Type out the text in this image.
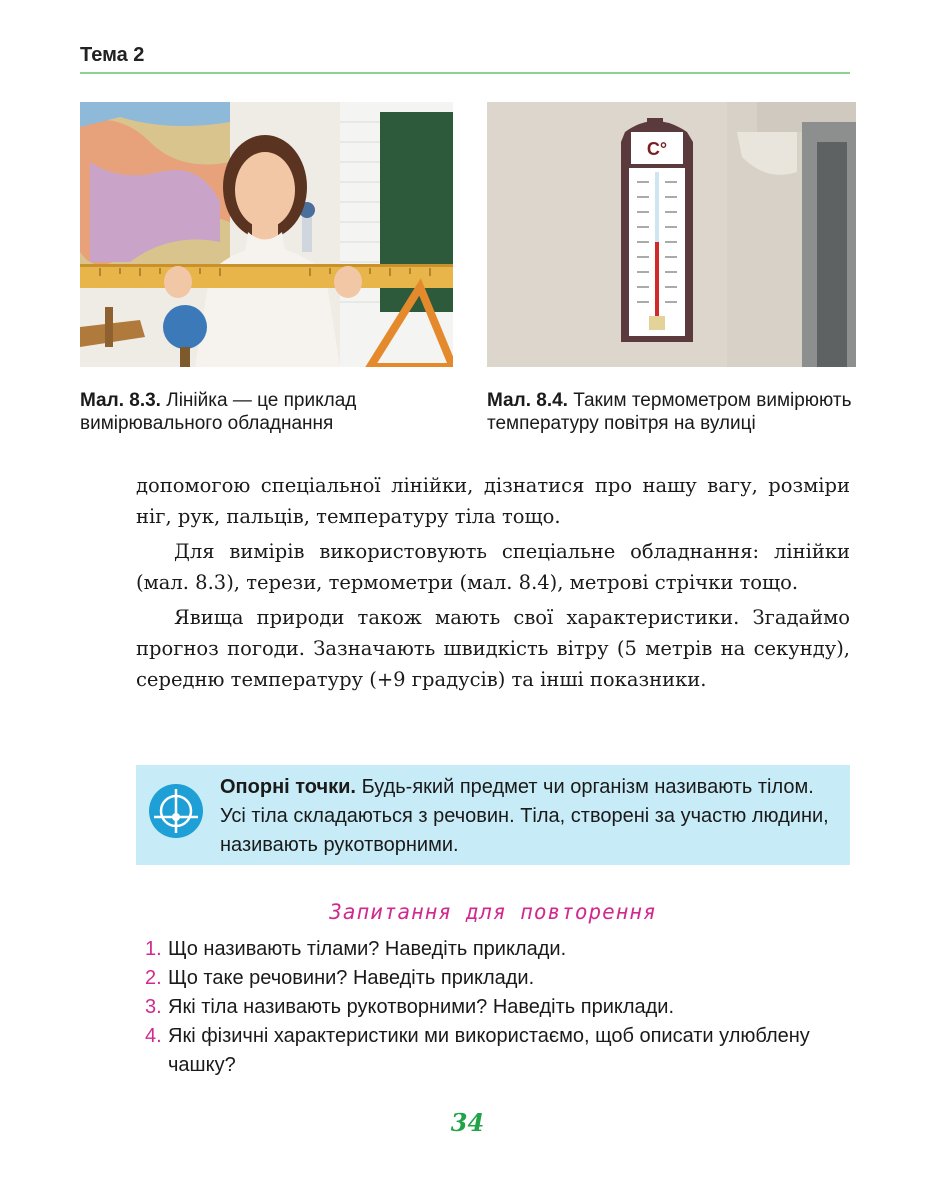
Тема 2
C°
Мал. 8.3. Лінійка — це приклад вимірювального обладнання
Мал. 8.4. Таким термометром вимірюють температуру повітря на вулиці

допомогою спеціальної лінійки, дізнатися про нашу вагу, розміри ніг, рук, пальців, температуру тіла тощо.

Для вимірів використовують спеціальне обладнання: лінійки (мал. 8.3), терези, термометри (мал. 8.4), метрові стрічки тощо.

Явища природи також мають свої характеристики. Згадаймо прогноз погоди. Зазначають швидкість вітру (5 метрів на секунду), середню температуру (+9 градусів) та інші показники.

Опорні точки. Будь-який предмет чи організм називають тілом. Усі тіла складаються з речовин. Тіла, створені за участю людини, називають рукотворними.
Запитання для повторення
1. Що називають тілами? Наведіть приклади.
2. Що таке речовини? Наведіть приклади.
3. Які тіла називають рукотворними? Наведіть приклади.
4. Які фізичні характеристики ми використаємо, щоб описати улюблену чашку?
34
